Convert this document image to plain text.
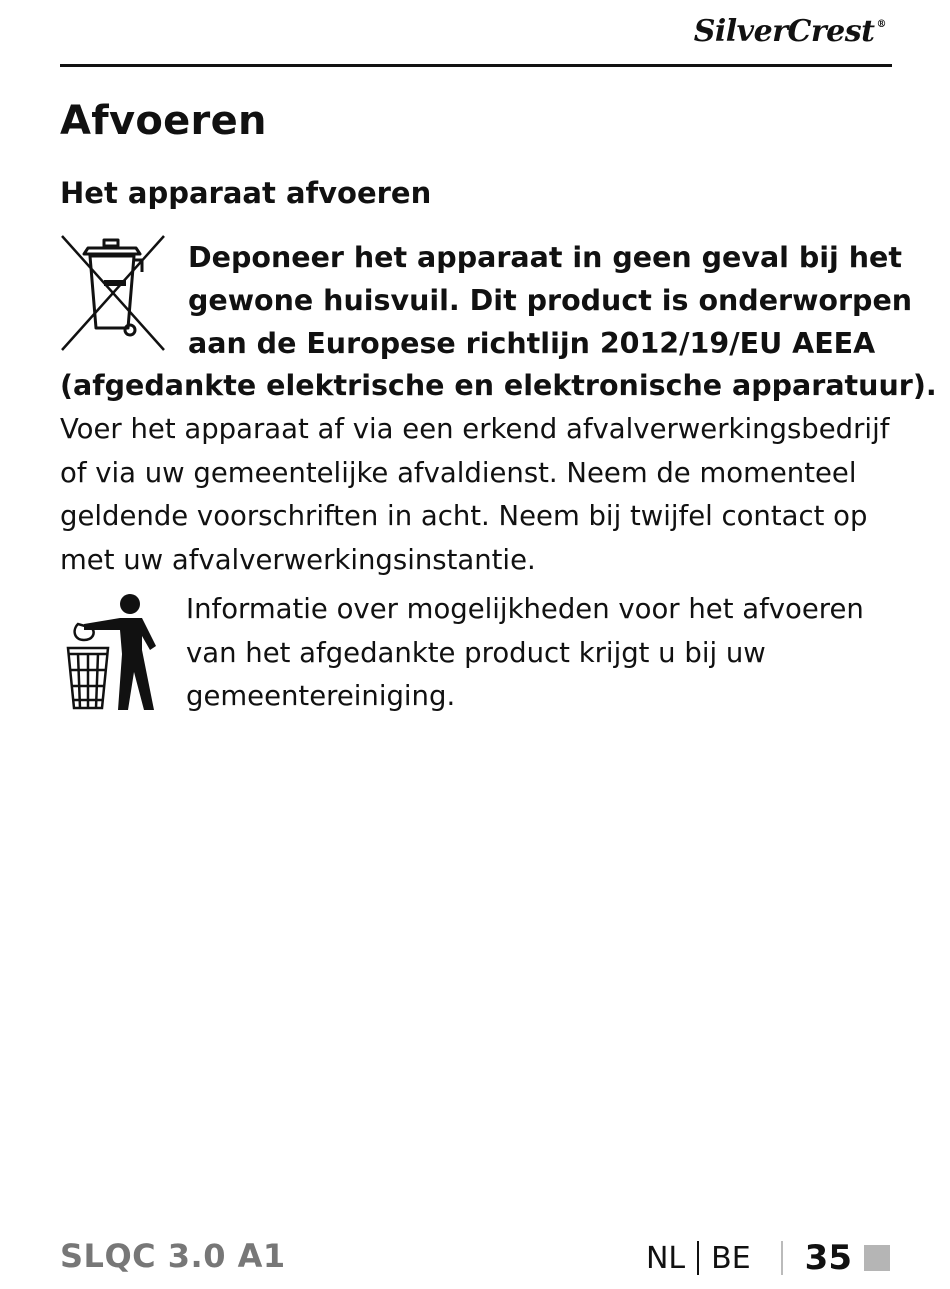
SilverCrest ®
Afvoeren
Het apparaat afvoeren
Deponeer het apparaat in geen geval bij het
gewone huisvuil. Dit product is onderworpen
aan de Europese richtlijn 2012/19/EU AEEA
(afgedankte elektrische en elektronische apparatuur).

Voer het apparaat af via een erkend afvalverwerkingsbedrijf
of via uw gemeentelijke afvaldienst. Neem de momenteel
geldende voorschriften in acht. Neem bij twijfel contact op
met uw afvalverwerkingsinstantie.

Informatie over mogelijkheden voor het afvoeren
van het afgedankte product krijgt u bij uw
gemeentereiniging.

SLQC 3.0 A1	NL BE 35
